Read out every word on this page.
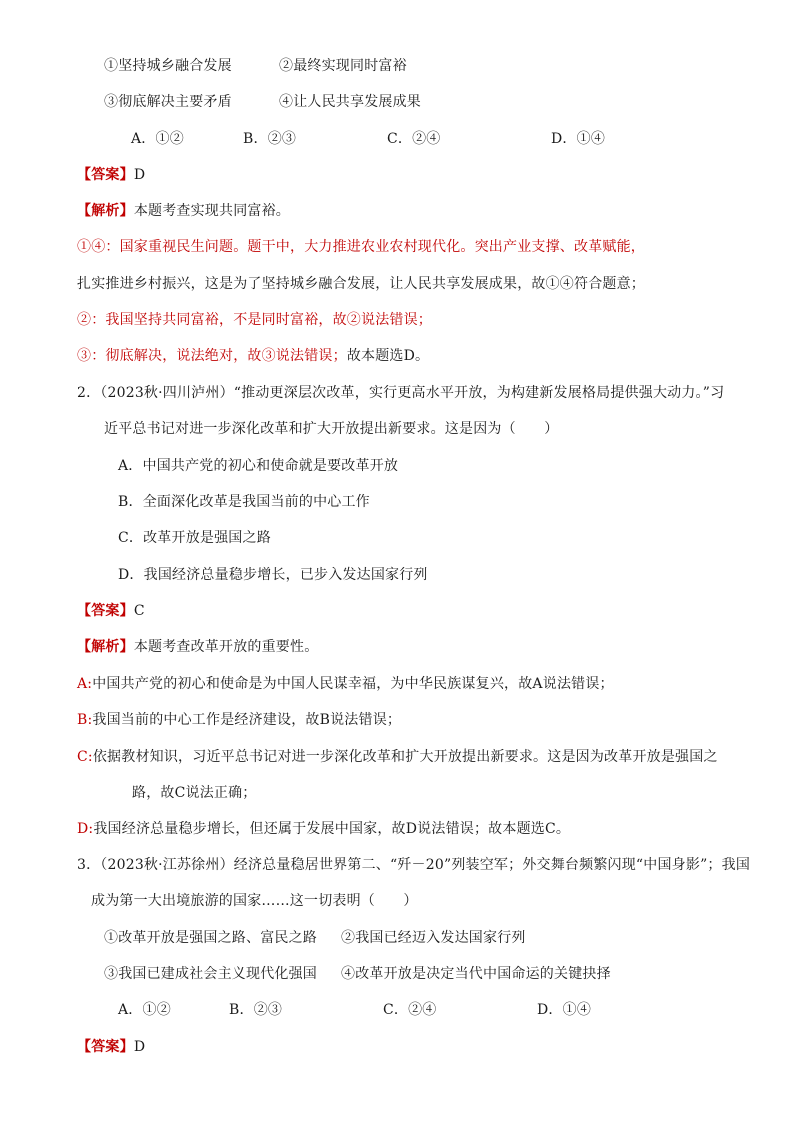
①坚持城乡融合发展	②最终实现同时富裕
③彻底解决主要矛盾	④让人民共享发展成果
A．①②	B．②③	C．②④	D．①④
【答案】D
【解析】本题考查实现共同富裕。
①④：国家重视民生问题。题干中，大力推进农业农村现代化。突出产业支撑、改革赋能，
扎实推进乡村振兴，这是为了坚持城乡融合发展，让人民共享发展成果，故①④符合题意；
②：我国坚持共同富裕，不是同时富裕，故②说法错误；
③：彻底解决，说法绝对，故③说法错误；故本题选D。
2．（2023秋·四川泸州）“推动更深层次改革，实行更高水平开放，为构建新发展格局提供强大动力。”习
近平总书记对进一步深化改革和扩大开放提出新要求。这是因为（　　）
A．中国共产党的初心和使命就是要改革开放
B．全面深化改革是我国当前的中心工作
C．改革开放是强国之路
D．我国经济总量稳步增长，已步入发达国家行列
【答案】C
【解析】本题考查改革开放的重要性。
A:中国共产党的初心和使命是为中国人民谋幸福，为中华民族谋复兴，故A说法错误；
B:我国当前的中心工作是经济建设，故B说法错误；
C:依据教材知识，习近平总书记对进一步深化改革和扩大开放提出新要求。这是因为改革开放是强国之
路，故C说法正确；
D:我国经济总量稳步增长，但还属于发展中国家，故D说法错误；故本题选C。
3．（2023秋·江苏徐州）经济总量稳居世界第二、“歼－20”列装空军；外交舞台频繁闪现“中国身影”；我国
成为第一大出境旅游的国家……这一切表明（　　）
①改革开放是强国之路、富民之路 ②我国已经迈入发达国家行列
③我国已建成社会主义现代化强国 ④改革开放是决定当代中国命运的关键抉择
A．①②	B．②③	C．②④	D．①④
【答案】D
